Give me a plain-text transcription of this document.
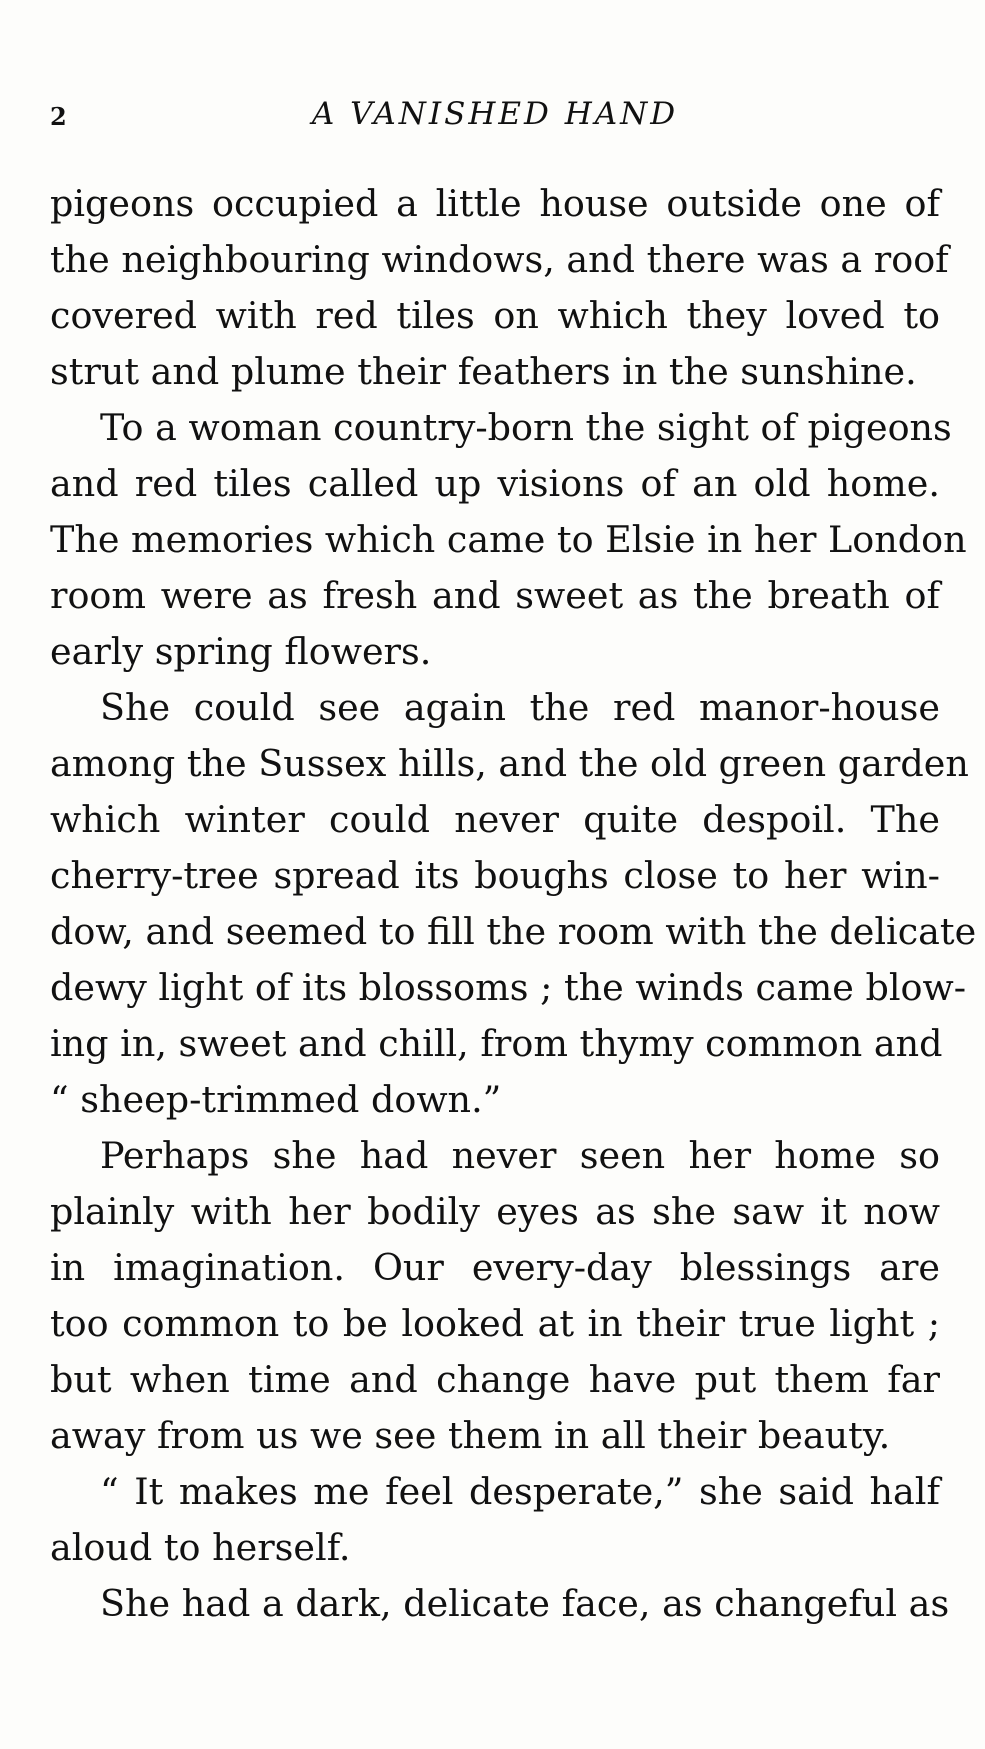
2	A VANISHED HAND
pigeons occupied a little house outside one of
the neighbouring windows, and there was a roof
covered with red tiles on which they loved to
strut and plume their feathers in the sunshine.
To a woman country-born the sight of pigeons
and red tiles called up visions of an old home.
The memories which came to Elsie in her London
room were as fresh and sweet as the breath of
early spring flowers.
She could see again the red manor-house
among the Sussex hills, and the old green garden
which winter could never quite despoil. The
cherry-tree spread its boughs close to her win-
dow, and seemed to fill the room with the delicate
dewy light of its blossoms ; the winds came blow-
ing in, sweet and chill, from thymy common and
“ sheep-trimmed down.”
Perhaps she had never seen her home so
plainly with her bodily eyes as she saw it now
in imagination. Our every-day blessings are
too common to be looked at in their true light ;
but when time and change have put them far
away from us we see them in all their beauty.
“ It makes me feel desperate,” she said half
aloud to herself.
She had a dark, delicate face, as changeful as
